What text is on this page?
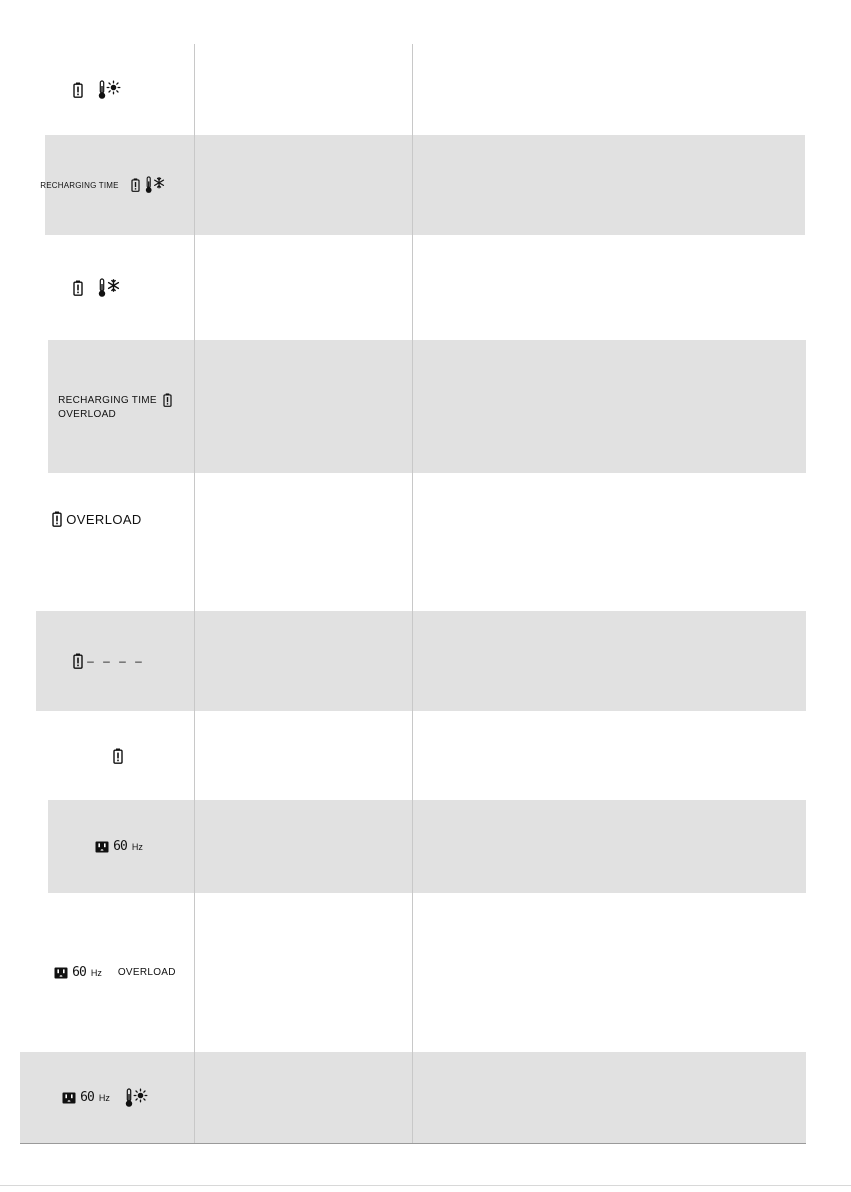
RECHARGING TIME
RECHARGING TIME
OVERLOAD
OVERLOAD
– – – –
60 Hz
60 Hz OVERLOAD
60 Hz
